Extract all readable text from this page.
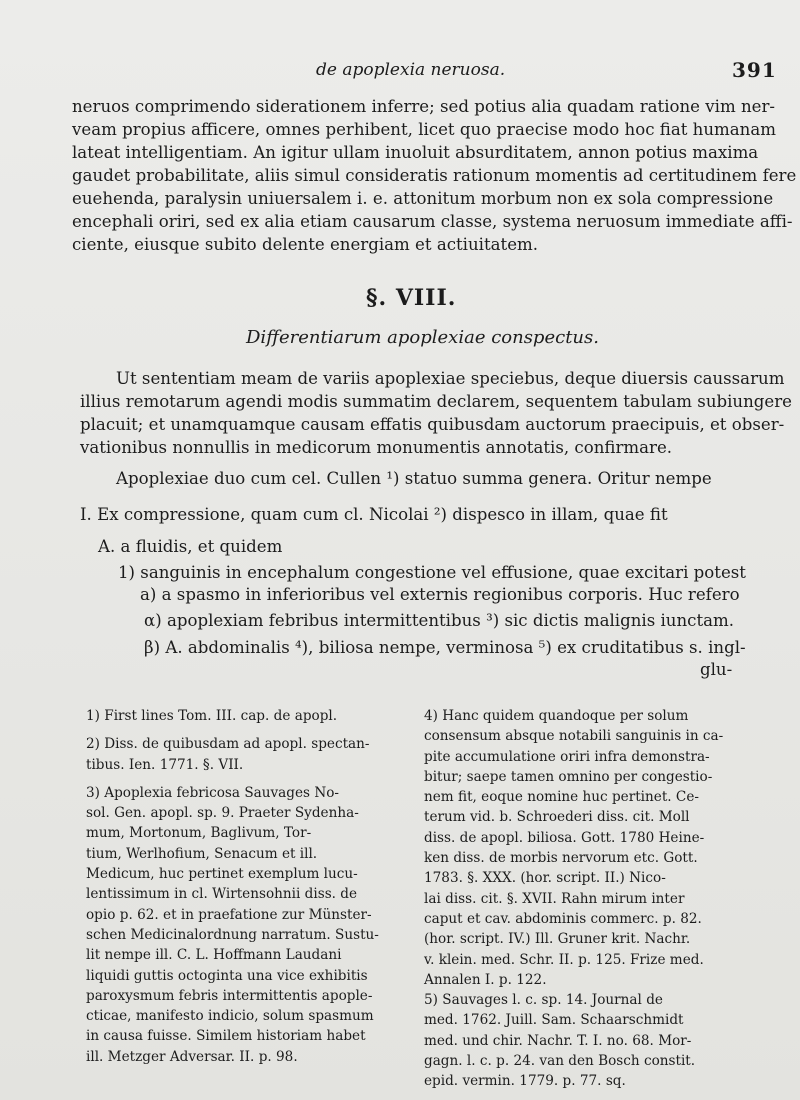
de apoplexia neruosa.	391
neruos comprimendo siderationem inferre; sed potius alia quadam ratione vim ner-
veam propius afficere, omnes perhibent, licet quo praecise modo hoc fiat humanam
lateat intelligentiam. An igitur ullam inuoluit absurditatem, annon potius maxima
gaudet probabilitate, aliis simul consideratis rationum momentis ad certitudinem fere
euehenda, paralysin uniuersalem i. e. attonitum morbum non ex sola compressione
encephali oriri, sed ex alia etiam causarum classe, systema neruosum immediate affi-
ciente, eiusque subito delente energiam et actiuitatem.
§. VIII.
Differentiarum apoplexiae conspectus.
Ut sententiam meam de variis apoplexiae speciebus, deque diuersis caussarum
illius remotarum agendi modis summatim declarem, sequentem tabulam subiungere
placuit; et unamquamque causam effatis quibusdam auctorum praecipuis, et obser-
vationibus nonnullis in medicorum monumentis annotatis, confirmare.
Apoplexiae duo cum cel. Cullen ¹) statuo summa genera. Oritur nempe
I. Ex compressione, quam cum cl. Nicolai ²) dispesco in illam, quae fit
A. a fluidis, et quidem
1) sanguinis in encephalum congestione vel effusione, quae excitari potest
a) a spasmo in inferioribus vel externis regionibus corporis. Huc refero
α) apoplexiam febribus intermittentibus ³) sic dictis malignis iunctam.
β) A. abdominalis ⁴), biliosa nempe, verminosa ⁵) ex cruditatibus s. ingl-
glu-
1) First lines Tom. III. cap. de apopl.
2) Diss. de quibusdam ad apopl. spectan-
tibus. Ien. 1771. §. VII.
3) Apoplexia febricosa Sauvages No-
sol. Gen. apopl. sp. 9. Praeter Sydenha-
mum, Mortonum, Baglivum, Tor-
tium, Werlhofium, Senacum et ill.
Medicum, huc pertinet exemplum lucu-
lentissimum in cl. Wirtensohnii diss. de
opio p. 62. et in praefatione zur Münster-
schen Medicinalordnung narratum. Sustu-
lit nempe ill. C. L. Hoffmann Laudani
liquidi guttis octoginta una vice exhibitis
paroxysmum febris intermittentis apople-
cticae, manifesto indicio, solum spasmum
in causa fuisse. Similem historiam habet
ill. Metzger Adversar. II. p. 98.
4) Hanc quidem quandoque per solum
consensum absque notabili sanguinis in ca-
pite accumulatione oriri infra demonstra-
bitur; saepe tamen omnino per congestio-
nem fit, eoque nomine huc pertinet. Ce-
terum vid. b. Schroederi diss. cit. Moll
diss. de apopl. biliosa. Gott. 1780 Heine-
ken diss. de morbis nervorum etc. Gott.
1783. §. XXX. (hor. script. II.) Nico-
lai diss. cit. §. XVII. Rahn mirum inter
caput et cav. abdominis commerc. p. 82.
(hor. script. IV.) Ill. Gruner krit. Nachr.
v. klein. med. Schr. II. p. 125. Frize med.
Annalen I. p. 122.
5) Sauvages l. c. sp. 14. Journal de
med. 1762. Juill. Sam. Schaarschmidt
med. und chir. Nachr. T. I. no. 68. Mor-
gagn. l. c. p. 24. van den Bosch constit.
epid. vermin. 1779. p. 77. sq.
